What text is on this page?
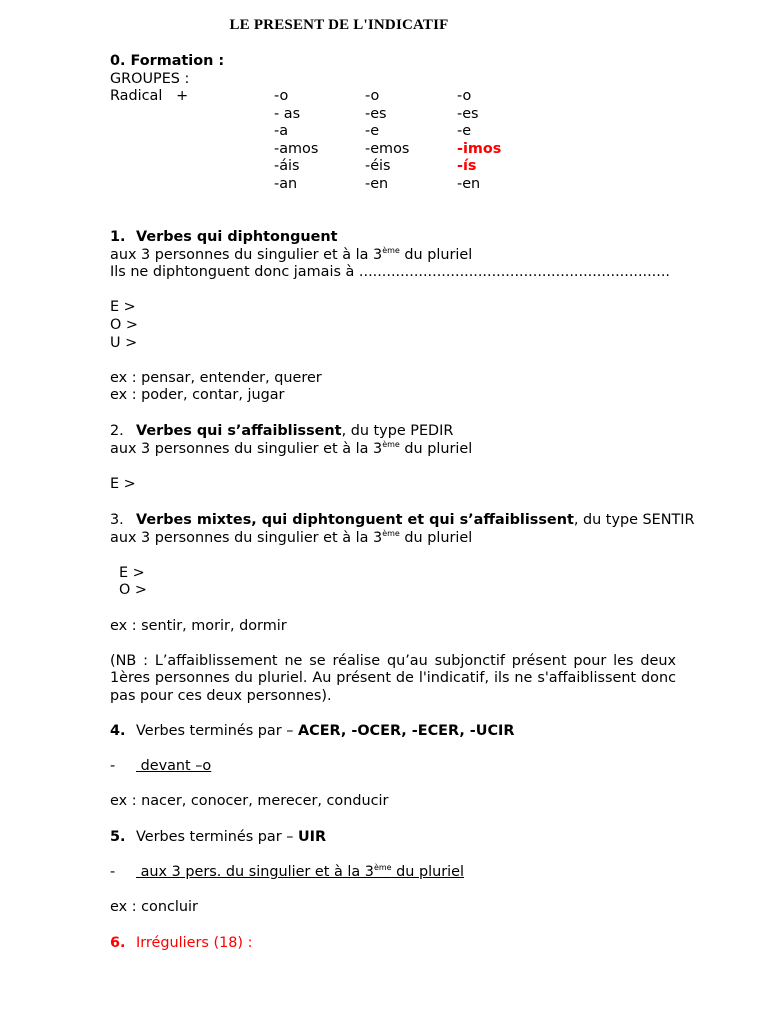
LE PRESENT DE L'INDICATIF
0. Formation :
GROUPES :
Radical   +	-o
- as
-a
-amos
-áis
-an
-o
-es
-e
-emos
-éis
-en
-o
-es
-e
-imos
-ís
-en
1. Verbes qui diphtonguent
aux 3 personnes du singulier et à la 3ème du pluriel
Ils ne diphtonguent donc jamais à ....................................................................
E >
O >
U >
ex : pensar, entender, querer
ex : poder, contar, jugar
2. Verbes qui s’affaiblissent, du type PEDIR
aux 3 personnes du singulier et à la 3ème du pluriel
E >
3. Verbes mixtes, qui diphtonguent et qui s’affaiblissent, du type SENTIR
aux 3 personnes du singulier et à la 3ème du pluriel
E >
O >
ex : sentir, morir, dormir
(NB : L’affaiblissement ne se réalise qu’au subjonctif présent pour les deux 1ères personnes du pluriel. Au présent de l'indicatif, ils ne s'affaiblissent donc pas pour ces deux personnes).
4. Verbes terminés par – ACER, -OCER, -ECER, -UCIR
- devant –o
ex : nacer, conocer, merecer, conducir
5. Verbes terminés par – UIR
- aux 3 pers. du singulier et à la 3ème du pluriel
ex : concluir
6. Irréguliers (18) :
